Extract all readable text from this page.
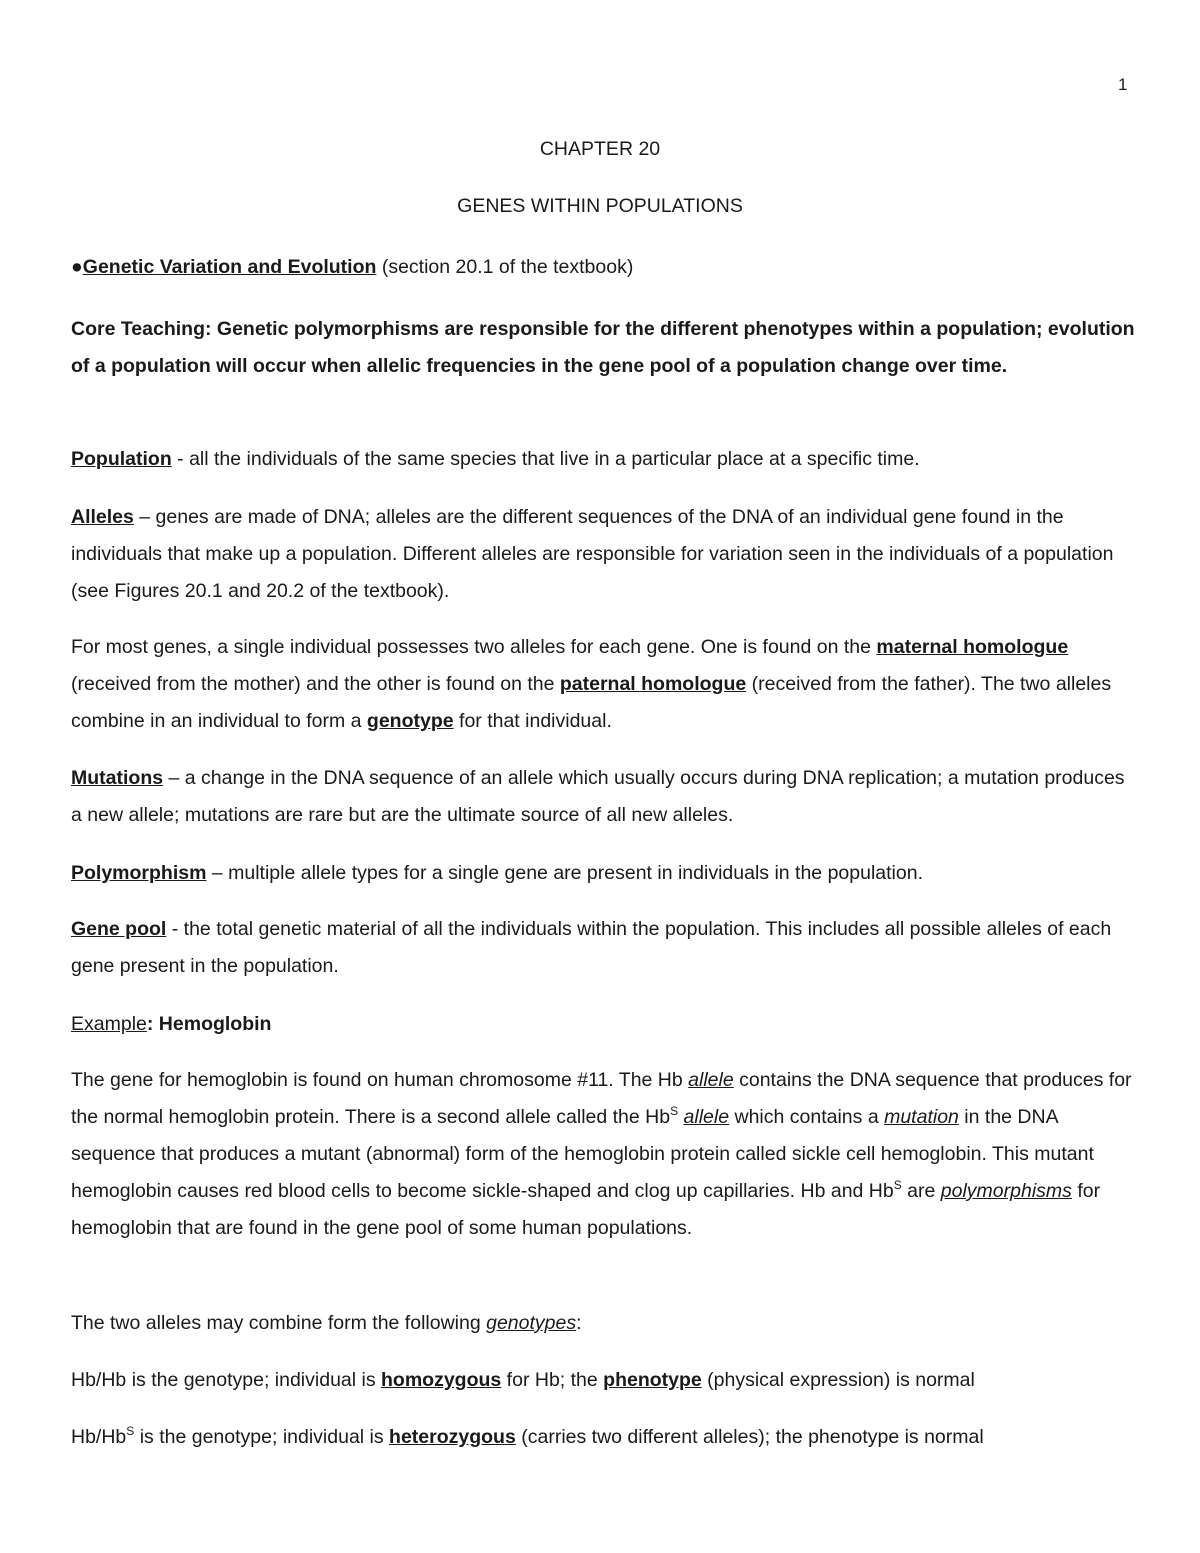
1
CHAPTER 20
GENES WITHIN POPULATIONS

●Genetic Variation and Evolution (section 20.1 of the textbook)

Core Teaching: Genetic polymorphisms are responsible for the different phenotypes within a population; evolution of a population will occur when allelic frequencies in the gene pool of a population change over time.

Population - all the individuals of the same species that live in a particular place at a specific time.

Alleles – genes are made of DNA; alleles are the different sequences of the DNA of an individual gene found in the individuals that make up a population. Different alleles are responsible for variation seen in the individuals of a population (see Figures 20.1 and 20.2 of the textbook).

For most genes, a single individual possesses two alleles for each gene. One is found on the maternal homologue (received from the mother) and the other is found on the paternal homologue (received from the father). The two alleles combine in an individual to form a genotype for that individual.

Mutations – a change in the DNA sequence of an allele which usually occurs during DNA replication; a mutation produces a new allele; mutations are rare but are the ultimate source of all new alleles.

Polymorphism – multiple allele types for a single gene are present in individuals in the population.

Gene pool - the total genetic material of all the individuals within the population. This includes all possible alleles of each gene present in the population.

Example: Hemoglobin

The gene for hemoglobin is found on human chromosome #11. The Hb allele contains the DNA sequence that produces for the normal hemoglobin protein. There is a second allele called the $Hb^S$ allele which contains a mutation in the DNA sequence that produces a mutant (abnormal) form of the hemoglobin protein called sickle cell hemoglobin. This mutant hemoglobin causes red blood cells to become sickle-shaped and clog up capillaries. Hb and $Hb^S$ are polymorphisms for hemoglobin that are found in the gene pool of some human populations.

The two alleles may combine form the following genotypes:

Hb/Hb is the genotype; individual is homozygous for Hb; the phenotype (physical expression) is normal

$Hb/Hb^S$ is the genotype; individual is heterozygous (carries two different alleles); the phenotype is normal
